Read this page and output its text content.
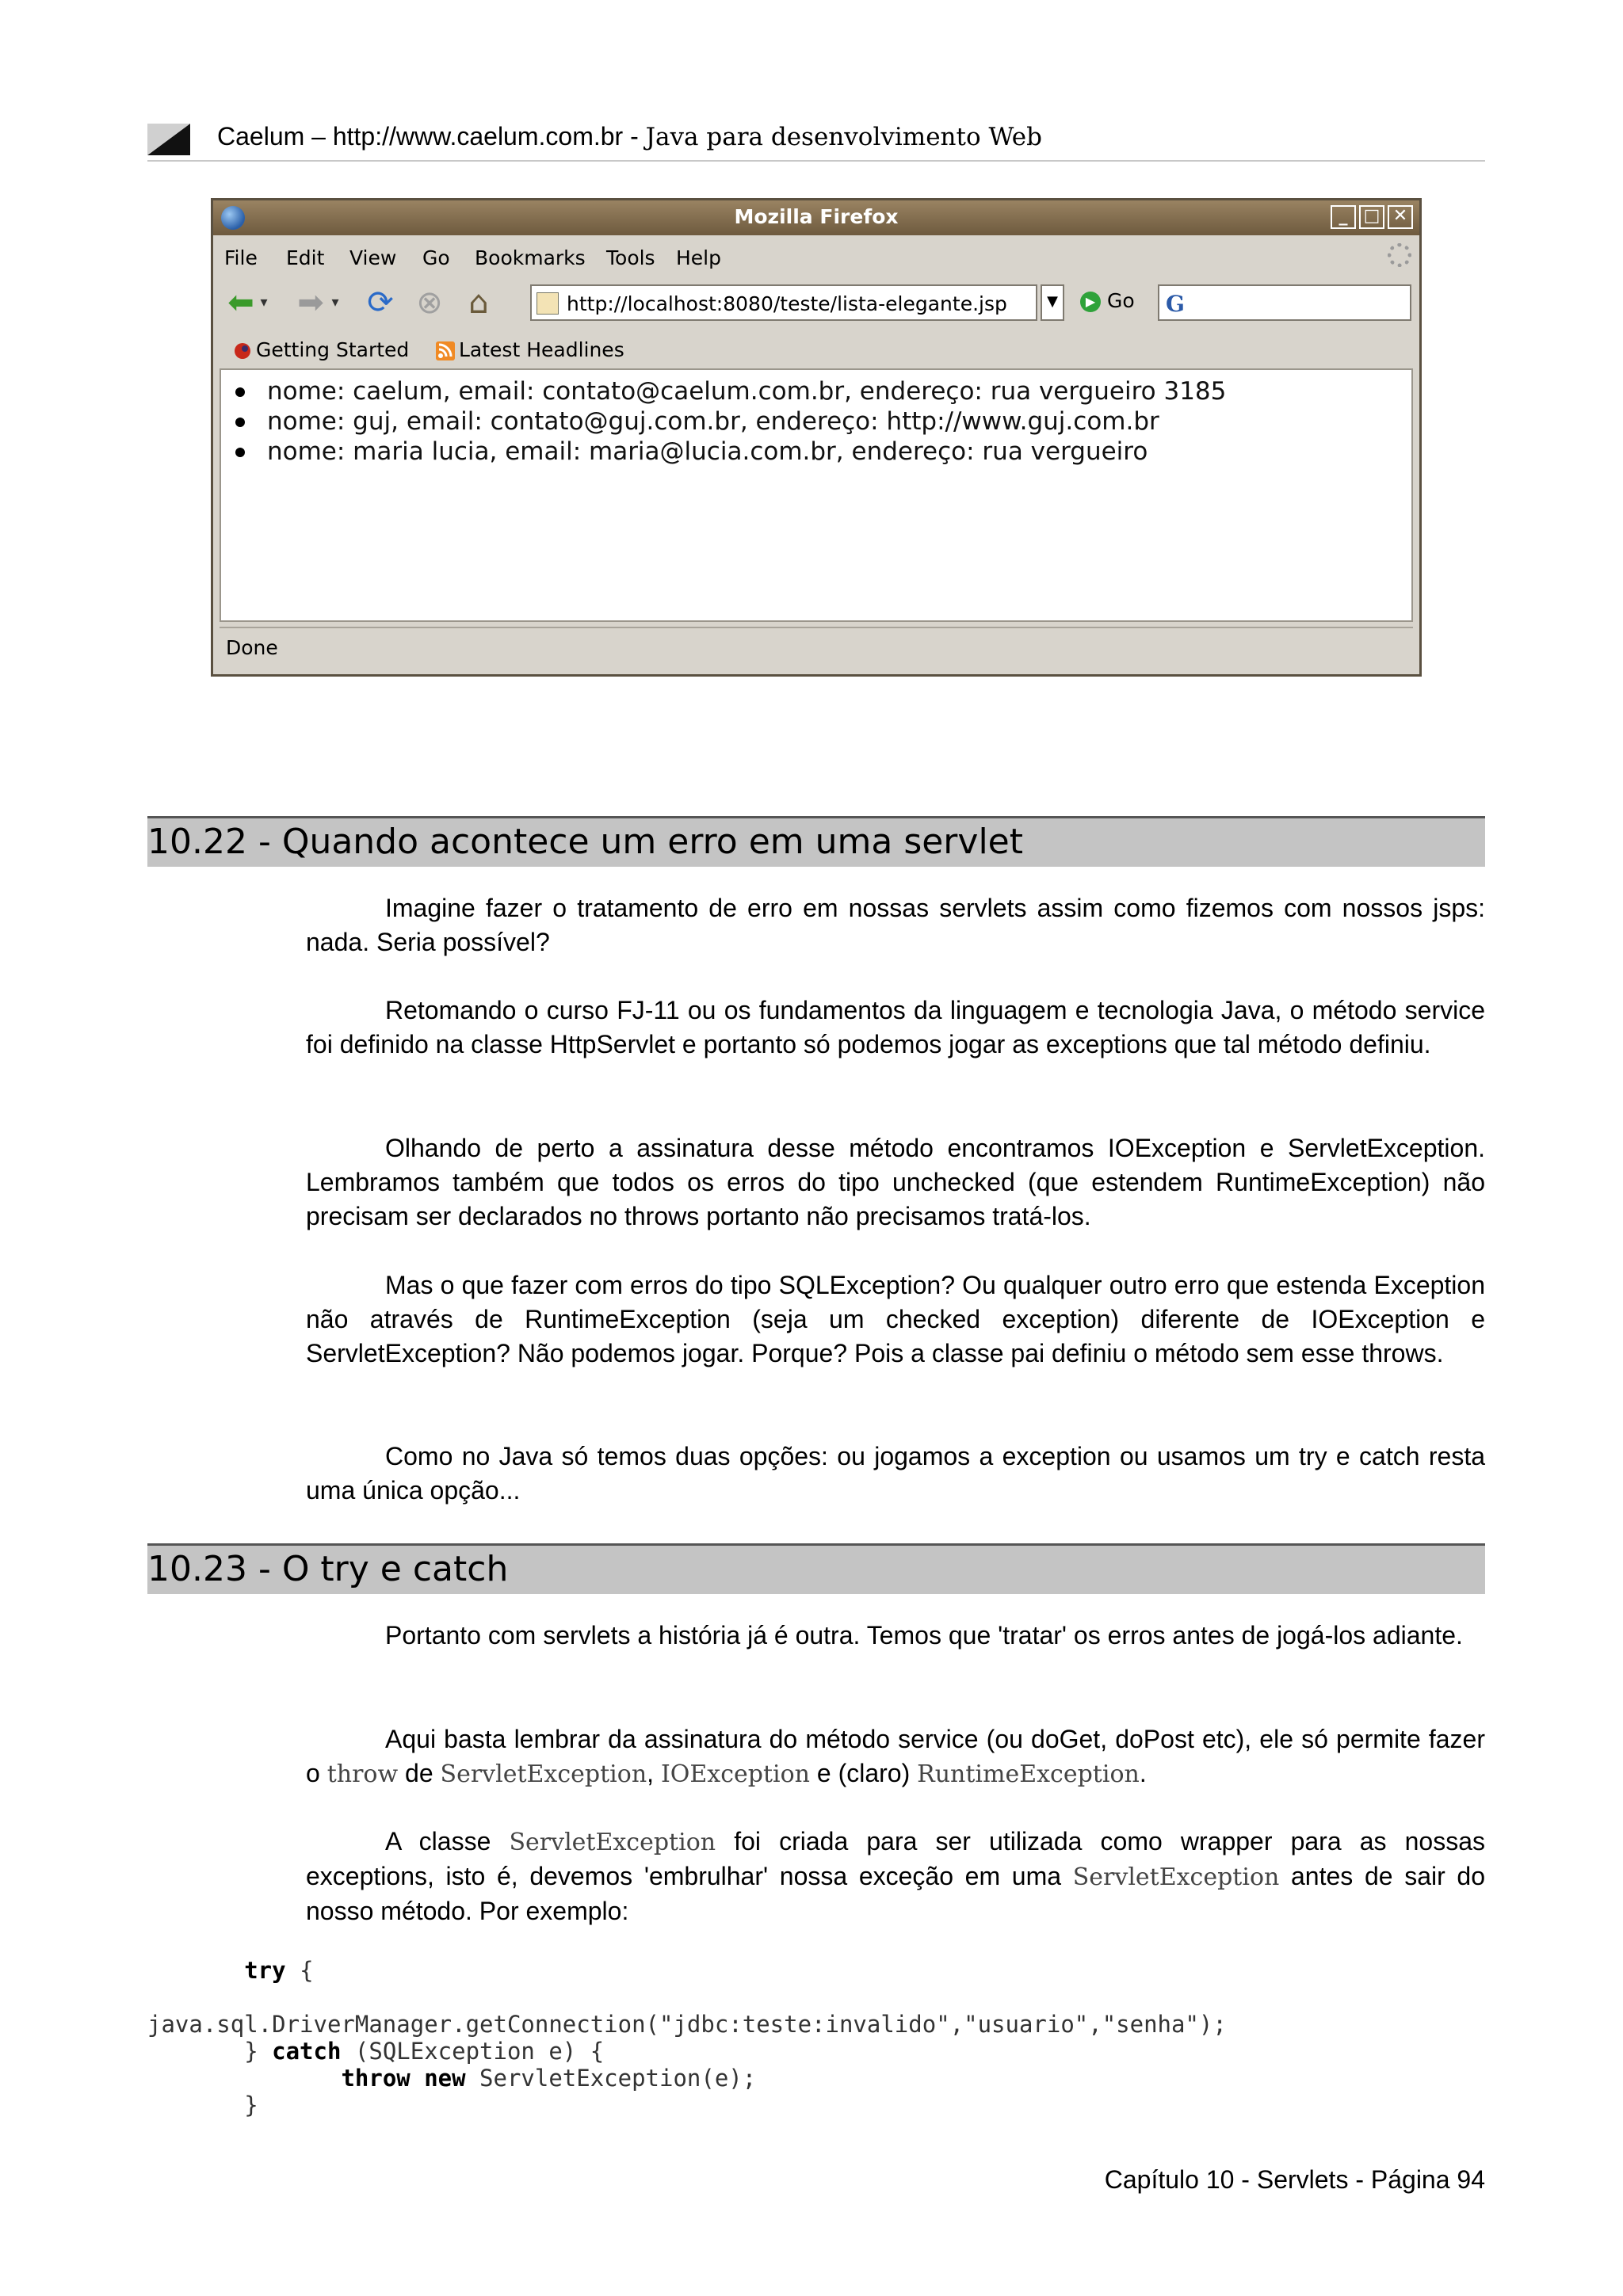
Caelum – http://www.caelum.com.br - Java para desenvolvimento Web
Mozilla Firefox	_ □ ✕
File Edit View Go Bookmarks Tools Help
⬅ ▾ ➡ ▾ ⟳ ⊗ ⌂	http://localhost:8080/teste/lista-elegante.jsp	▼	▶ Go G
Getting Started	Latest Headlines
nome: caelum, email: contato@caelum.com.br, endereço: rua vergueiro 3185
nome: guj, email: contato@guj.com.br, endereço: http://www.guj.com.br
nome: maria lucia, email: maria@lucia.com.br, endereço: rua vergueiro
Done
10.22 - Quando acontece um erro em uma servlet

Imagine fazer o tratamento de erro em nossas servlets assim como fizemos com nossos jsps: nada. Seria possível?

Retomando o curso FJ-11 ou os fundamentos da linguagem e tecnologia Java, o método service foi definido na classe HttpServlet e portanto só podemos jogar as exceptions que tal método definiu.

Olhando de perto a assinatura desse método encontramos IOException e ServletException. Lembramos também que todos os erros do tipo unchecked (que estendem RuntimeException) não precisam ser declarados no throws portanto não precisamos tratá-los.

Mas o que fazer com erros do tipo SQLException? Ou qualquer outro erro que estenda Exception não através de RuntimeException (seja um checked exception) diferente de IOException e ServletException? Não podemos jogar. Porque? Pois a classe pai definiu o método sem esse throws.

Como no Java só temos duas opções: ou jogamos a exception ou usamos um try e catch resta uma única opção...

10.23 - O try e catch

Portanto com servlets a história já é outra. Temos que 'tratar' os erros antes de jogá-los adiante.

Aqui basta lembrar da assinatura do método service (ou doGet, doPost etc), ele só permite fazer o throw de ServletException, IOException e (claro) RuntimeException.

A classe ServletException foi criada para ser utilizada como wrapper para as nossas exceptions, isto é, devemos 'embrulhar' nossa exceção em uma ServletException antes de sair do nosso método. Por exemplo:

try {

java.sql.DriverManager.getConnection("jdbc:teste:invalido","usuario","senha");
} catch (SQLException e) {
throw new ServletException(e);
}
Capítulo 10 - Servlets - Página 94
